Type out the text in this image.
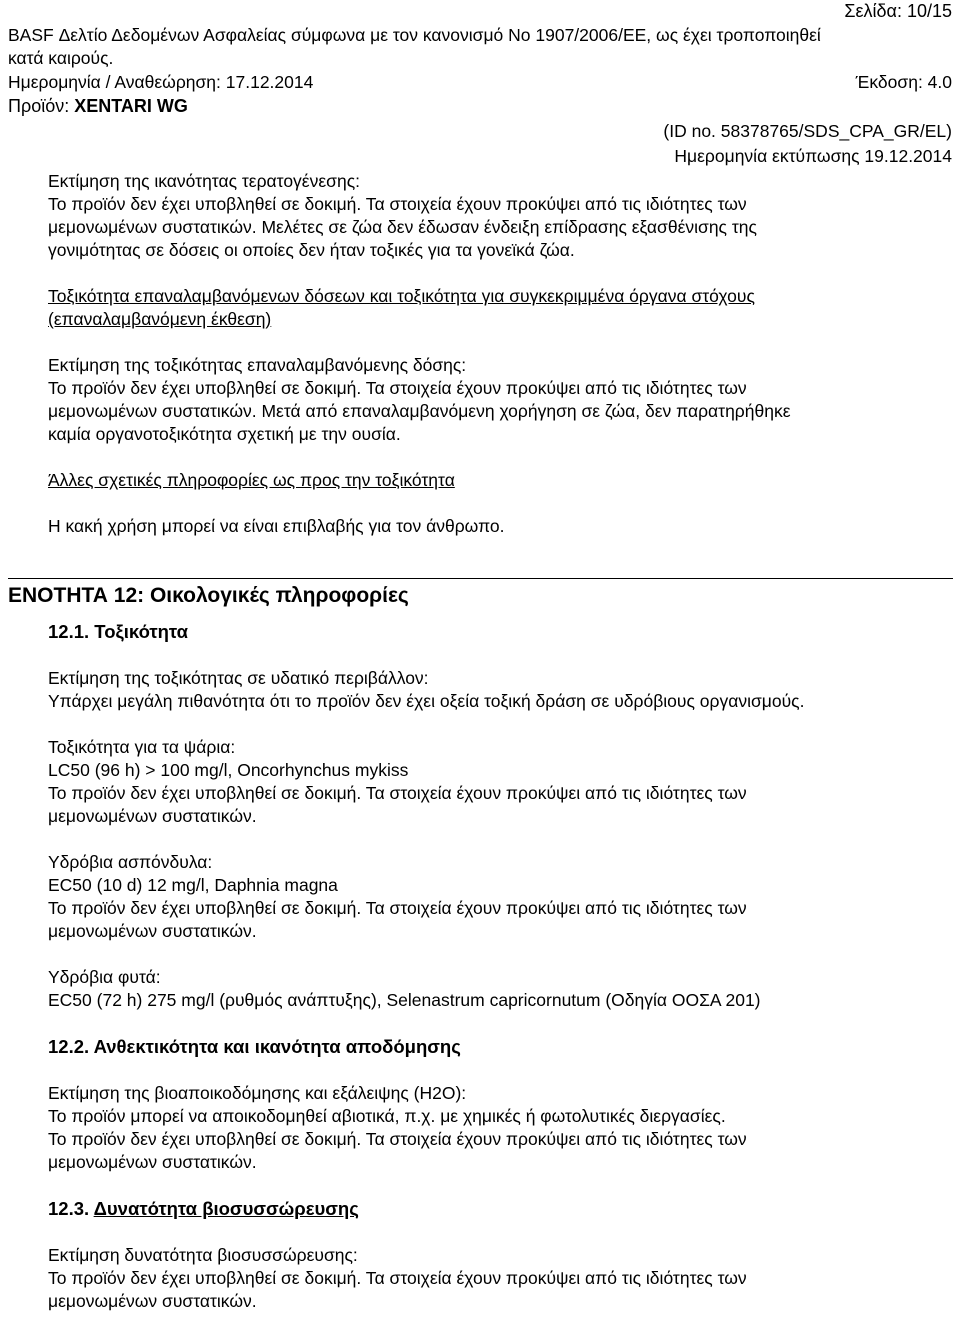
Σελίδα: 10/15
BASF Δελτίο Δεδομένων Ασφαλείας σύμφωνα με τον κανονισμό No 1907/2006/ΕΕ, ως έχει τροποποιηθεί
κατά καιρούς.
Ημερομηνία / Αναθεώρηση: 17.12.2014	Έκδοση: 4.0
Προϊόν: XENTARI WG
(ID no. 58378765/SDS_CPA_GR/EL)
Ημερομηνία εκτύπωσης 19.12.2014

Εκτίμηση της ικανότητας τερατογένεσης:

Το προϊόν δεν έχει υποβληθεί σε δοκιμή. Τα στοιχεία έχουν προκύψει από τις ιδιότητες των

μεμονωμένων συστατικών. Μελέτες σε ζώα δεν έδωσαν ένδειξη επίδρασης εξασθένισης της

γονιμότητας σε δόσεις οι οποίες δεν ήταν τοξικές για τα γονεϊκά ζώα.

Τοξικότητα επαναλαμβανόμενων δόσεων και τοξικότητα για συγκεκριμμένα όργανα στόχους

(επαναλαμβανόμενη έκθεση)

Εκτίμηση της τοξικότητας επαναλαμβανόμενης δόσης:

Το προϊόν δεν έχει υποβληθεί σε δοκιμή. Τα στοιχεία έχουν προκύψει από τις ιδιότητες των

μεμονωμένων συστατικών. Μετά από επαναλαμβανόμενη χορήγηση σε ζώα, δεν παρατηρήθηκε

καμία οργανοτοξικότητα σχετική με την ουσία.

Άλλες σχετικές πληροφορίες ως προς την τοξικότητα

Η κακή χρήση μπορεί να είναι επιβλαβής για τον άνθρωπο.

ΕΝΟΤΗΤΑ 12: Οικολογικές πληροφορίες

12.1. Τοξικότητα

Εκτίμηση της τοξικότητας σε υδατικό περιβάλλον:

Υπάρχει μεγάλη πιθανότητα ότι το προϊόν δεν έχει οξεία τοξική δράση σε υδρόβιους οργανισμούς.

Τοξικότητα για τα ψάρια:

LC50 (96 h) > 100 mg/l, Oncorhynchus mykiss

Το προϊόν δεν έχει υποβληθεί σε δοκιμή. Τα στοιχεία έχουν προκύψει από τις ιδιότητες των

μεμονωμένων συστατικών.

Υδρόβια ασπόνδυλα:

EC50 (10 d) 12 mg/l, Daphnia magna

Το προϊόν δεν έχει υποβληθεί σε δοκιμή. Τα στοιχεία έχουν προκύψει από τις ιδιότητες των

μεμονωμένων συστατικών.

Υδρόβια φυτά:

EC50 (72 h) 275 mg/l (ρυθμός ανάπτυξης), Selenastrum capricornutum (Οδηγία ΟΟΣΑ 201)

12.2. Ανθεκτικότητα και ικανότητα αποδόμησης

Εκτίμηση της βιοαποικοδόμησης και εξάλειψης (H2O):

Το προϊόν μπορεί να αποικοδομηθεί αβιοτικά, π.χ. με χημικές ή φωτολυτικές διεργασίες.

Το προϊόν δεν έχει υποβληθεί σε δοκιμή. Τα στοιχεία έχουν προκύψει από τις ιδιότητες των

μεμονωμένων συστατικών.

12.3. Δυνατότητα βιοσυσσώρευσης

Εκτίμηση δυνατότητα βιοσυσσώρευσης:

Το προϊόν δεν έχει υποβληθεί σε δοκιμή. Τα στοιχεία έχουν προκύψει από τις ιδιότητες των

μεμονωμένων συστατικών.
